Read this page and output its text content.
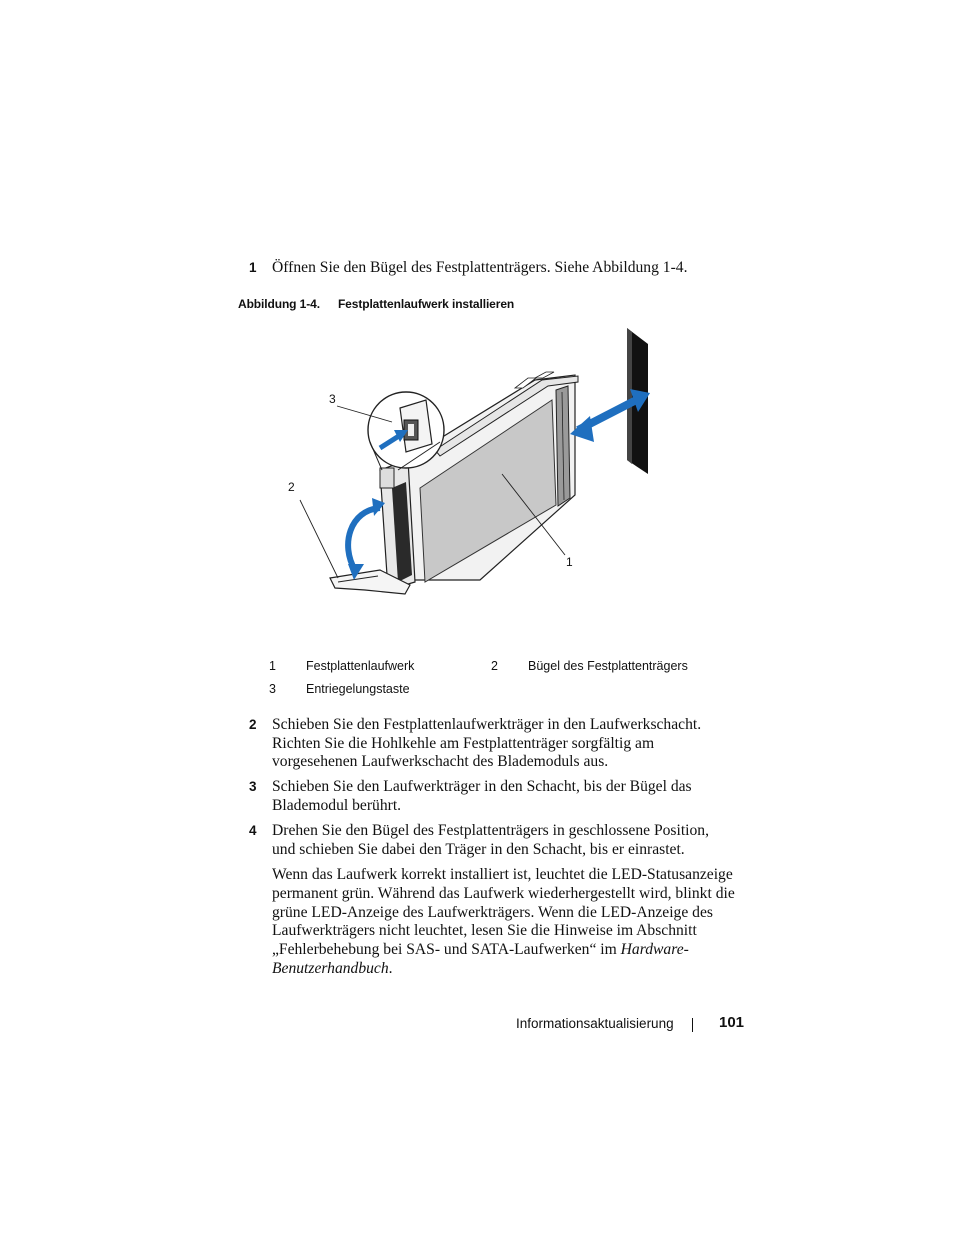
1 Öffnen Sie den Bügel des Festplattenträgers. Siehe Abbildung 1-4.
Abbildung 1-4. Festplattenlaufwerk installieren
3
2
1
1 Festplattenlaufwerk	2 Bügel des Festplattenträgers
3 Entriegelungstaste
2 Schieben Sie den Festplattenlaufwerkträger in den Laufwerkschacht. Richten Sie die Hohlkehle am Festplattenträger sorgfältig am vorgesehenen Laufwerkschacht des Blademoduls aus.
3 Schieben Sie den Laufwerkträger in den Schacht, bis der Bügel das Blademodul berührt.
4 Drehen Sie den Bügel des Festplattenträgers in geschlossene Position, und schieben Sie dabei den Träger in den Schacht, bis er einrastet.
Wenn das Laufwerk korrekt installiert ist, leuchtet die LED-Statusanzeige permanent grün. Während das Laufwerk wiederhergestellt wird, blinkt die grüne LED-Anzeige des Laufwerkträgers. Wenn die LED-Anzeige des Laufwerkträgers nicht leuchtet, lesen Sie die Hinweise im Abschnitt „Fehlerbehebung bei SAS- und SATA-Laufwerken“ im Hardware-Benutzerhandbuch.
Informationsaktualisierung	101
